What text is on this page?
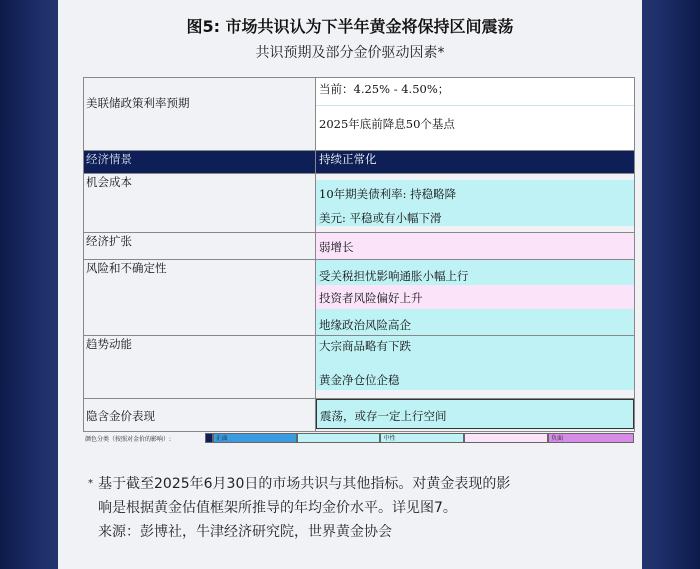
图5: 市场共识认为下半年黄金将保持区间震荡
共识预期及部分金价驱动因素*
美联储政策利率预期	当前：4.25% - 4.50%；
2025年底前降息50个基点

经济情景	持续正常化
机会成本	10年期美债利率: 持稳略降
美元: 平稳或有小幅下滑

经济扩张	弱增长

风险和不确定性	受关税担忧影响通胀小幅上行
投资者风险偏好上升
地缘政治风险高企

趋势动能	大宗商品略有下跌
黄金净仓位企稳

隐含金价表现	震荡，或存一定上行空间
颜色分类（按照对金价的影响）:	正面	中性	负面
* 基于截至2025年6月30日的市场共识与其他指标。对黄金表现的影
响是根据黄金估值框架所推导的年均金价水平。详见图7。
来源：彭博社，牛津经济研究院，世界黄金协会
